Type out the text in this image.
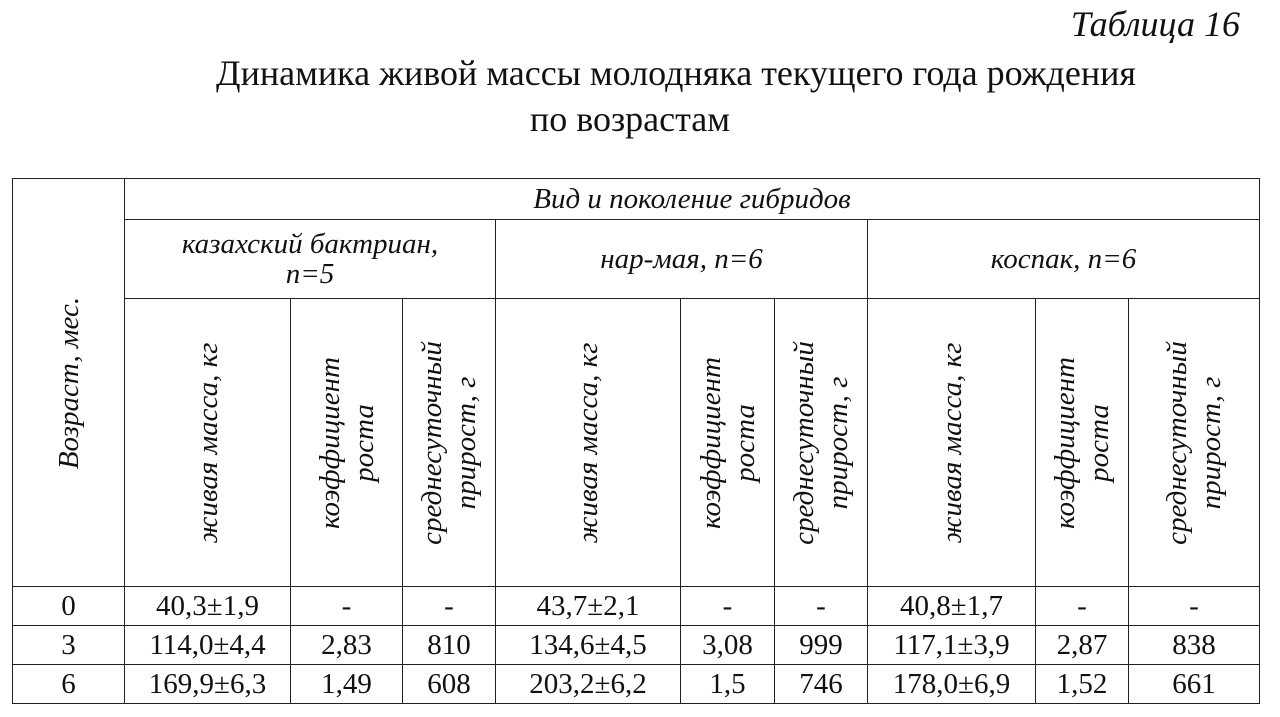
Таблица 16
Динамика живой массы молодняка текущего года рождения
по возрастам
Возраст, мес.	Вид и поколение гибридов								

	казахский бактриан,
n=5			нар-мая, n=6			коспак, n=6		

	живая масса, кг	коэффициент роста	среднесуточный прирост, г	живая масса, кг	коэффициент роста	среднесуточный прирост, г	живая масса, кг	коэффициент роста	среднесуточный прирост, г

0	40,3±1,9	-	-	43,7±2,1	-	-	40,8±1,7	-	-
3	114,0±4,4	2,83	810	134,6±4,5	3,08	999	117,1±3,9	2,87	838
6	169,9±6,3	1,49	608	203,2±6,2	1,5	746	178,0±6,9	1,52	661
